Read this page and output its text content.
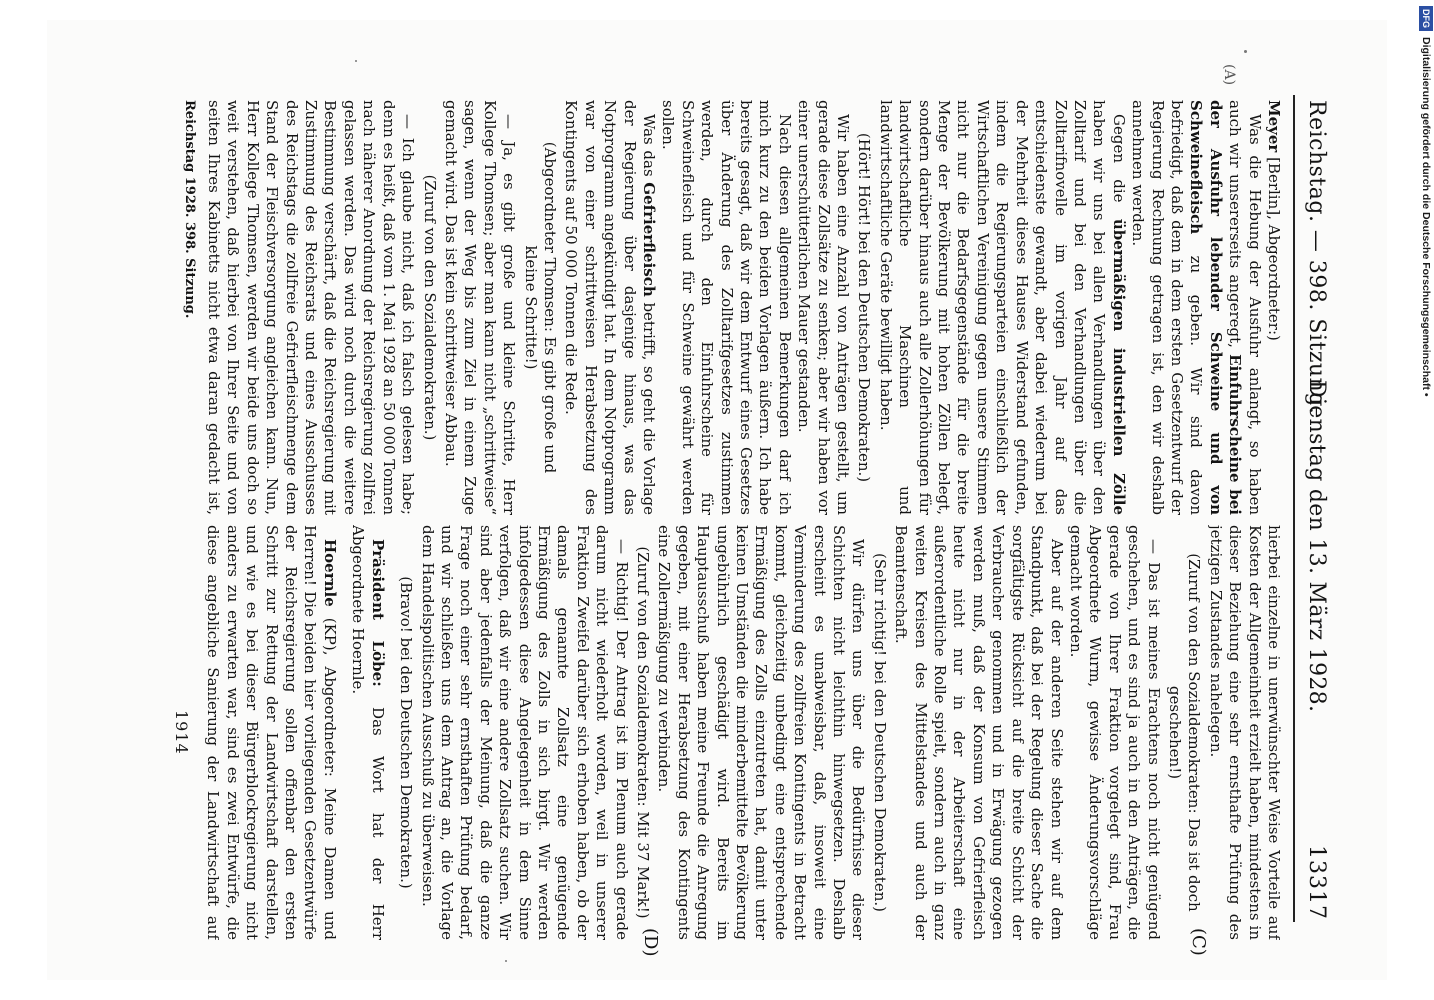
Reichstag. — 398. Sitzung.
Dienstag den 13. März 1928.
13317

Meyer [Berlin], Abgeordneter:)

Was die Hebung der Ausfuhr anlangt, so haben auch wir unsererseits angeregt, Einfuhrscheine bei der Ausfuhr lebender Schweine und von Schweinefleisch zu geben. Wir sind davon befriedigt, daß dem in dem ersten Gesetzentwurf der Regierung Rechnung getragen ist, den wir deshalb annehmen werden.

Gegen die übermäßigen industriellen Zölle haben wir uns bei allen Verhandlungen über den Zolltarif und bei den Verhandlungen über die Zolltarifnovelle im vorigen Jahr auf das entschiedenste gewandt, aber dabei wiederum bei der Mehrheit dieses Hauses Widerstand gefunden, indem die Regierungsparteien einschließlich der Wirtschaftlichen Vereinigung gegen unsere Stimmen nicht nur die Bedarfsgegenstände für die breite Menge der Bevölkerung mit hohen Zöllen belegt, sondern darüber hinaus auch alle Zollerhöhungen für landwirtschaftliche Maschinen und landwirtschaftliche Geräte bewilligt haben.

(Hört! Hört! bei den Deutschen Demokraten.)

Wir haben eine Anzahl von Anträgen gestellt, um gerade diese Zollsätze zu senken; aber wir haben vor einer unerschütterlichen Mauer gestanden.

Nach diesen allgemeinen Bemerkungen darf ich mich kurz zu den beiden Vorlagen äußern. Ich habe bereits gesagt, daß wir dem Entwurf eines Gesetzes über Änderung des Zolltarifgesetzes zustimmen werden, durch den Einfuhrscheine für Schweinefleisch und für Schweine gewährt werden sollen.

Was das Gefrierfleisch betrifft, so geht die Vorlage der Regierung über dasjenige hinaus, was das Notprogramm angekündigt hat. In dem Notprogramm war von einer schrittweisen Herabsetzung des Kontingents auf 50 000 Tonnen die Rede.

(Abgeordneter Thomsen: Es gibt große und kleine Schritte!)

— Ja, es gibt große und kleine Schritte, Herr Kollege Thomsen; aber man kann nicht „schrittweise“ sagen, wenn der Weg bis zum Ziel in einem Zuge gemacht wird. Das ist kein schrittweiser Abbau.

(Zuruf von den Sozialdemokraten.)

— Ich glaube nicht, daß ich falsch gelesen habe; denn es heißt, daß vom 1. Mai 1928 an 50 000 Tonnen nach näherer Anordnung der Reichsregierung zollfrei gelassen werden. Das wird noch durch die weitere Bestimmung verschärft, daß die Reichsregierung mit Zustimmung des Reichsrats und eines Ausschusses des Reichstags die zollfreie Gefrierfleischmenge dem Stand der Fleischversorgung angleichen kann. Nun, Herr Kollege Thomsen, werden wir beide uns doch so weit verstehen, daß hierbei von Ihrer Seite und von seiten Ihres Kabinetts nicht etwa daran gedacht ist,

hierbei einzelne in unerwünschter Weise Vorteile auf Kosten der Allgemeinheit erzielt haben, mindestens in dieser Beziehung eine sehr ernsthafte Prüfung des jetzigen Zustandes nahelegen.

(Zuruf von den Sozialdemokraten: Das ist doch geschehen!)

— Das ist meines Erachtens noch nicht genügend geschehen, und es sind ja auch in den Anträgen, die gerade von Ihrer Fraktion vorgelegt sind, Frau Abgeordnete Wurm, gewisse Änderungsvorschläge gemacht worden.

Aber auf der anderen Seite stehen wir auf dem Standpunkt, daß bei der Regelung dieser Sache die sorgfältigste Rücksicht auf die breite Schicht der Verbraucher genommen und in Erwägung gezogen werden muß, daß der Konsum von Gefrierfleisch heute nicht nur in der Arbeiterschaft eine außerordentliche Rolle spielt, sondern auch in ganz weiten Kreisen des Mittelstandes und auch der Beamtenschaft.

(Sehr richtig! bei den Deutschen Demokraten.)

Wir dürfen uns über die Bedürfnisse dieser Schichten nicht leichthin hinwegsetzen. Deshalb erscheint es unabweisbar, daß, insoweit eine Verminderung des zollfreien Kontingents in Betracht kommt, gleichzeitig unbedingt eine entsprechende Ermäßigung des Zolls einzutreten hat, damit unter keinen Umständen die minderbemittelte Bevölkerung ungebührlich geschädigt wird. Bereits im Hauptausschuß haben meine Freunde die Anregung gegeben, mit einer Herabsetzung des Kontingents eine Zollermäßigung zu verbinden.

(Zuruf von den Sozialdemokraten: Mit 37 Mark!)

— Richtig! Der Antrag ist im Plenum auch gerade darum nicht wiederholt worden, weil in unserer Fraktion Zweifel darüber sich erhoben haben, ob der damals genannte Zollsatz eine genügende Ermäßigung des Zolls in sich birgt. Wir werden infolgedessen diese Angelegenheit in dem Sinne verfolgen, daß wir eine andere Zollsatz suchen. Wir sind aber jedenfalls der Meinung, daß die ganze Frage noch einer sehr ernsthaften Prüfung bedarf, und wir schließen uns dem Antrag an, die Vorlage dem Handelspolitischen Ausschuß zu überweisen.

(Bravo! bei den Deutschen Demokraten.)

Präsident Löbe: Das Wort hat der Herr Abgeordnete Hoernle.

Hoernle (KP), Abgeordneter: Meine Damen und Herren! Die beiden hier vorliegenden Gesetzentwürfe der Reichsregierung sollen offenbar den ersten Schritt zur Rettung der Landwirtschaft darstellen, und wie es bei dieser Bürgerblockregierung nicht anders zu erwarten war, sind es zwei Entwürfe, die diese angebliche Sanierung der Landwirtschaft auf

(C)
(D)
(A)
Reichstag 1928. 398. Sitzung.
1914
DFGDigitalisierung gefördert durch die Deutsche Forschungsgemeinschaft •
